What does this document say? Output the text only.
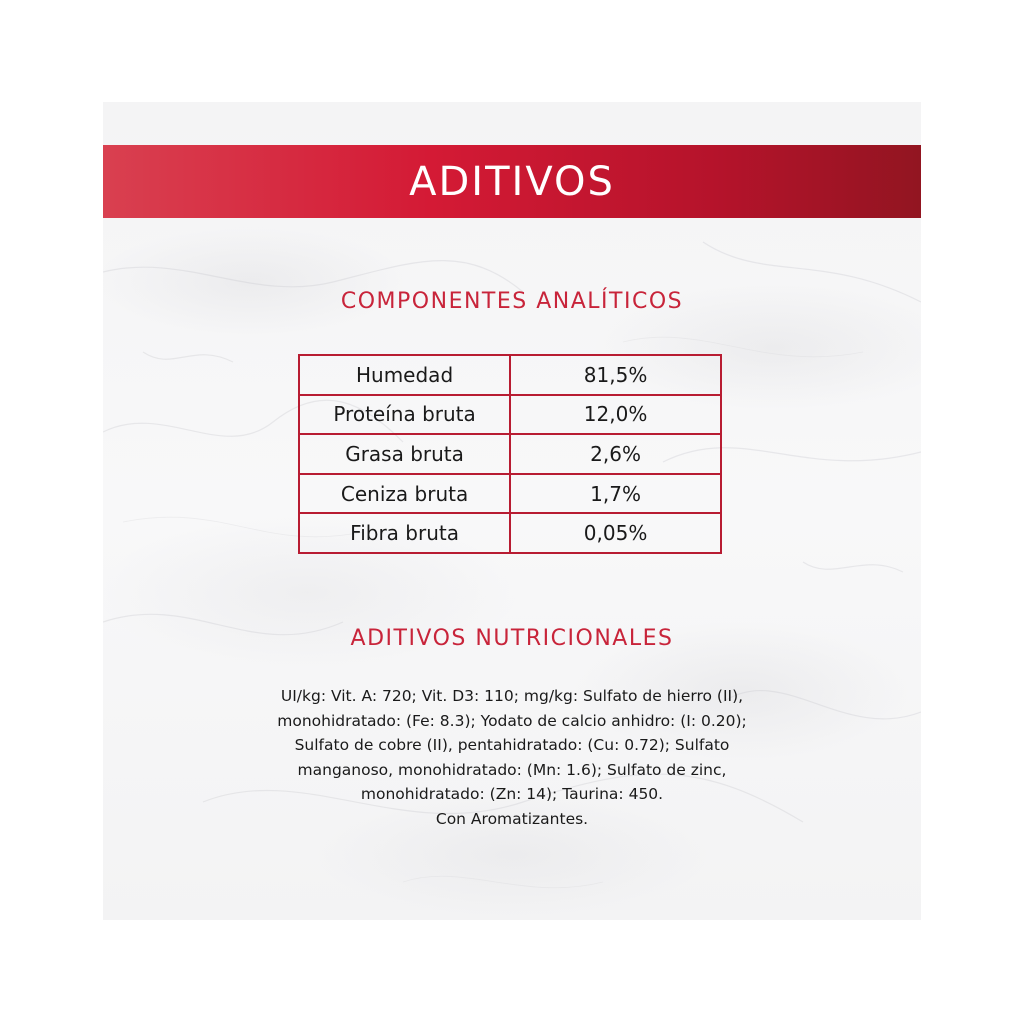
ADITIVOS
COMPONENTES ANALÍTICOS
Humedad	81,5%
Proteína bruta	12,0%
Grasa bruta	2,6%
Ceniza bruta	1,7%
Fibra bruta	0,05%
ADITIVOS NUTRICIONALES

UI/kg: Vit. A: 720; Vit. D3: 110; mg/kg: Sulfato de hierro (II),
monohidratado: (Fe: 8.3); Yodato de calcio anhidro: (I: 0.20);
Sulfato de cobre (II), pentahidratado: (Cu: 0.72); Sulfato
manganoso, monohidratado: (Mn: 1.6); Sulfato de zinc,
monohidratado: (Zn: 14); Taurina: 450.
Con Aromatizantes.
